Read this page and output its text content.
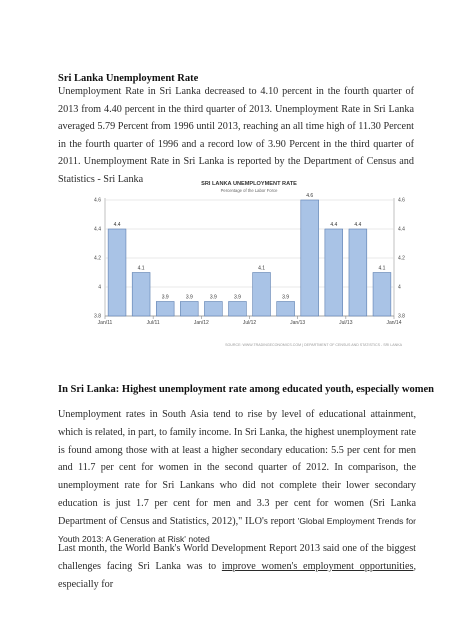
Sri Lanka Unemployment Rate
Unemployment Rate in Sri Lanka decreased to 4.10 percent in the fourth quarter of 2013 from 4.40 percent in the third quarter of 2013. Unemployment Rate in Sri Lanka averaged 5.79 Percent from 1996 until 2013, reaching an all time high of 11.30 Percent in the fourth quarter of 1996 and a record low of 3.90 Percent in the third quarter of 2011. Unemployment Rate in Sri Lanka is reported by the Department of Census and Statistics - Sri Lanka	SRI LANKA UNEMPLOYMENT RATE
Percentage of the Labor Force
3.8	3.8
4	4
4.2	4.2
4.4	4.4
4.6	4.6
4.4
4.1
3.9	3.9	3.9	3.9
4.1
3.9
4.6
4.4	4.4
4.1
Jan/11	Jul/11	Jan/12	Jul/12	Jan/13	Jul/13	Jan/14
SOURCE: WWW.TRADINGECONOMICS.COM | DEPARTMENT OF CENSUS AND STATISTICS - SRI LANKA
In Sri Lanka: Highest unemployment rate among educated youth, especially women
Unemployment rates in South Asia tend to rise by level of educational attainment, which is related, in part, to family income. In Sri Lanka, the highest unemployment rate is found among those with at least a higher secondary education: 5.5 per cent for men and 11.7 per cent for women in the second quarter of 2012. In comparison, the unemployment rate for Sri Lankans who did not complete their lower secondary education is just 1.7 per cent for men and 3.3 per cent for women (Sri Lanka Department of Census and Statistics, 2012)," ILO's report 'Global Employment Trends for Youth 2013: A Generation at Risk' noted
Last month, the World Bank's World Development Report 2013 said one of the biggest challenges facing Sri Lanka was to improve women's employment opportunities, especially for
